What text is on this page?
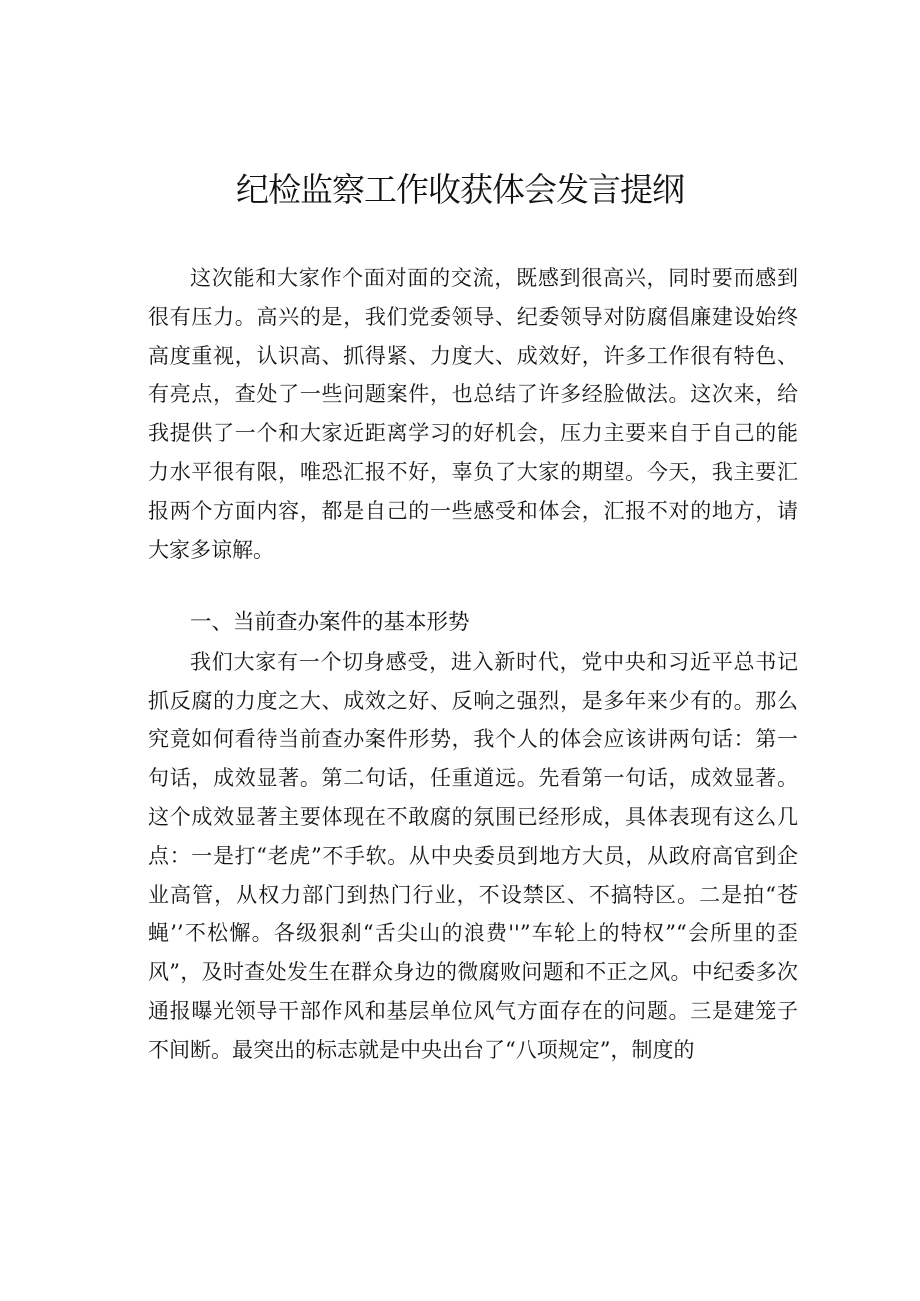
纪检监察工作收获体会发言提纲

这次能和大家作个面对面的交流，既感到很高兴，同时要而感到很有压力。高兴的是，我们党委领导、纪委领导对防腐倡廉建设始终高度重视，认识高、抓得紧、力度大、成效好，许多工作很有特色、有亮点，查处了一些问题案件，也总结了许多经脸做法。这次来，给我提供了一个和大家近距离学习的好机会，压力主要来自于自己的能力水平很有限，唯恐汇报不好，辜负了大家的期望。今天，我主要汇报两个方面内容，都是自己的一些感受和体会，汇报不对的地方，请大家多谅解。

一、当前查办案件的基本形势

我们大家有一个切身感受，进入新时代，党中央和习近平总书记抓反腐的力度之大、成效之好、反响之强烈，是多年来少有的。那么究竟如何看待当前查办案件形势，我个人的体会应该讲两句话：第一句话，成效显著。第二句话，任重道远。先看第一句话，成效显著。这个成效显著主要体现在不敢腐的氛围已经形成，具体表现有这么几点：一是打“老虎”不手软。从中央委员到地方大员，从政府高官到企业高管，从权力部门到热门行业，不设禁区、不搞特区。二是拍“苍蝇’’不松懈。各级狠刹“舌尖山的浪费''”车轮上的特权”“会所里的歪风”，及时查处发生在群众身边的微腐败问题和不正之风。中纪委多次通报曝光领导干部作风和基层单位风气方面存在的问题。三是建笼子不间断。最突出的标志就是中央出台了“八项规定”，制度的
